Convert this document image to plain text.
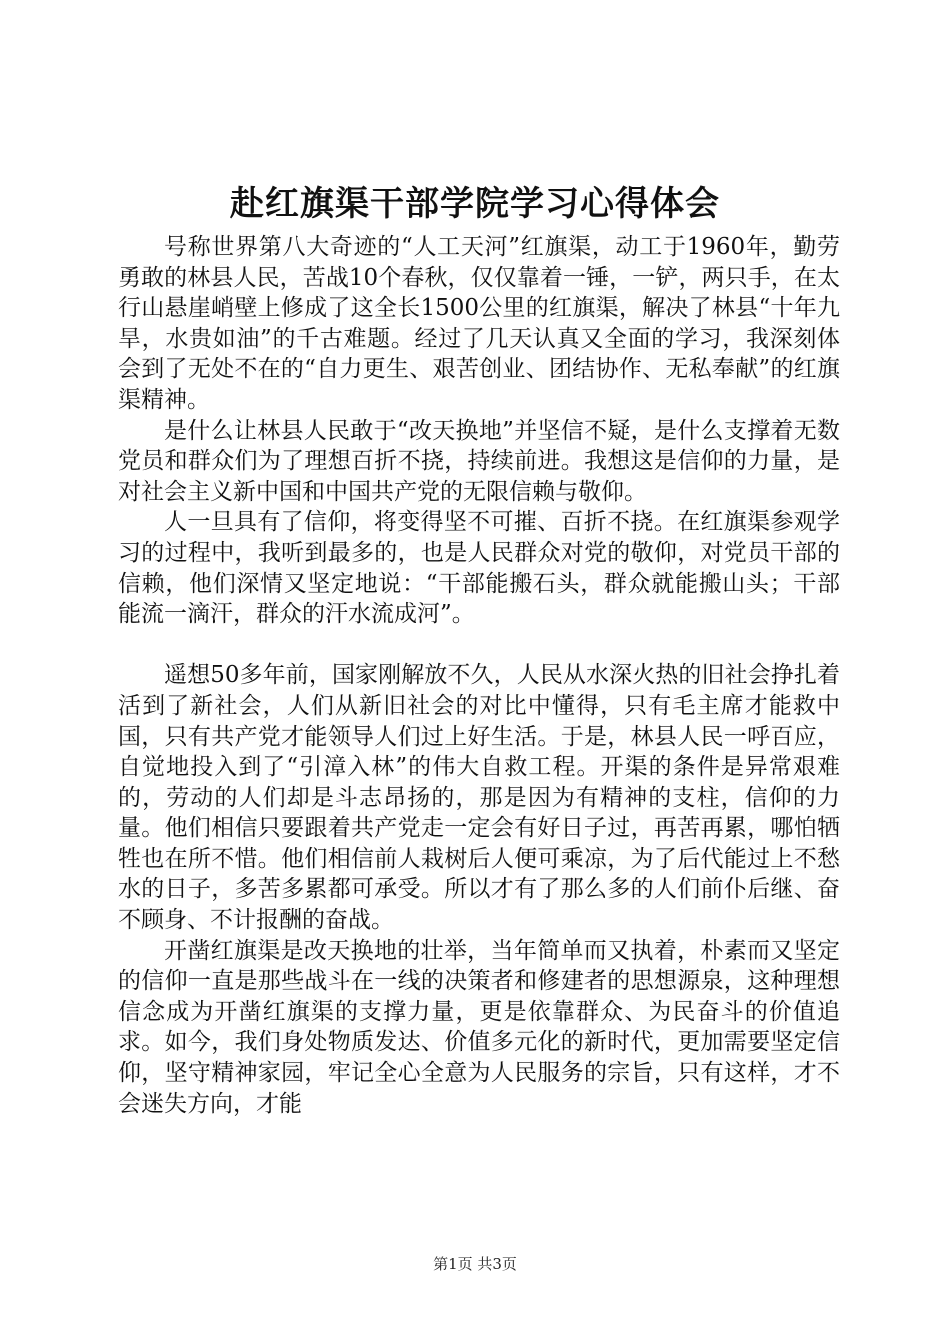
赴红旗渠干部学院学习心得体会

号称世界第八大奇迹的“人工天河”红旗渠，动工于1960年，勤劳勇敢的林县人民，苦战10个春秋，仅仅靠着一锤，一铲，两只手，在太行山悬崖峭壁上修成了这全长1500公里的红旗渠，解决了林县“十年九旱，水贵如油”的千古难题。经过了几天认真又全面的学习，我深刻体会到了无处不在的“自力更生、艰苦创业、团结协作、无私奉献”的红旗渠精神。

是什么让林县人民敢于“改天换地”并坚信不疑，是什么支撑着无数党员和群众们为了理想百折不挠，持续前进。我想这是信仰的力量，是对社会主义新中国和中国共产党的无限信赖与敬仰。

人一旦具有了信仰，将变得坚不可摧、百折不挠。在红旗渠参观学习的过程中，我听到最多的，也是人民群众对党的敬仰，对党员干部的信赖，他们深情又坚定地说：“干部能搬石头，群众就能搬山头；干部能流一滴汗，群众的汗水流成河”。

遥想50多年前，国家刚解放不久，人民从水深火热的旧社会挣扎着活到了新社会，人们从新旧社会的对比中懂得，只有毛主席才能救中国，只有共产党才能领导人们过上好生活。于是，林县人民一呼百应，自觉地投入到了“引漳入林”的伟大自救工程。开渠的条件是异常艰难的，劳动的人们却是斗志昂扬的，那是因为有精神的支柱，信仰的力量。他们相信只要跟着共产党走一定会有好日子过，再苦再累，哪怕牺牲也在所不惜。他们相信前人栽树后人便可乘凉，为了后代能过上不愁水的日子，多苦多累都可承受。所以才有了那么多的人们前仆后继、奋不顾身、不计报酬的奋战。

开凿红旗渠是改天换地的壮举，当年简单而又执着，朴素而又坚定的信仰一直是那些战斗在一线的决策者和修建者的思想源泉，这种理想信念成为开凿红旗渠的支撑力量，更是依靠群众、为民奋斗的价值追求。如今，我们身处物质发达、价值多元化的新时代，更加需要坚定信仰，坚守精神家园，牢记全心全意为人民服务的宗旨，只有这样，才不会迷失方向，才能

第1页 共3页
